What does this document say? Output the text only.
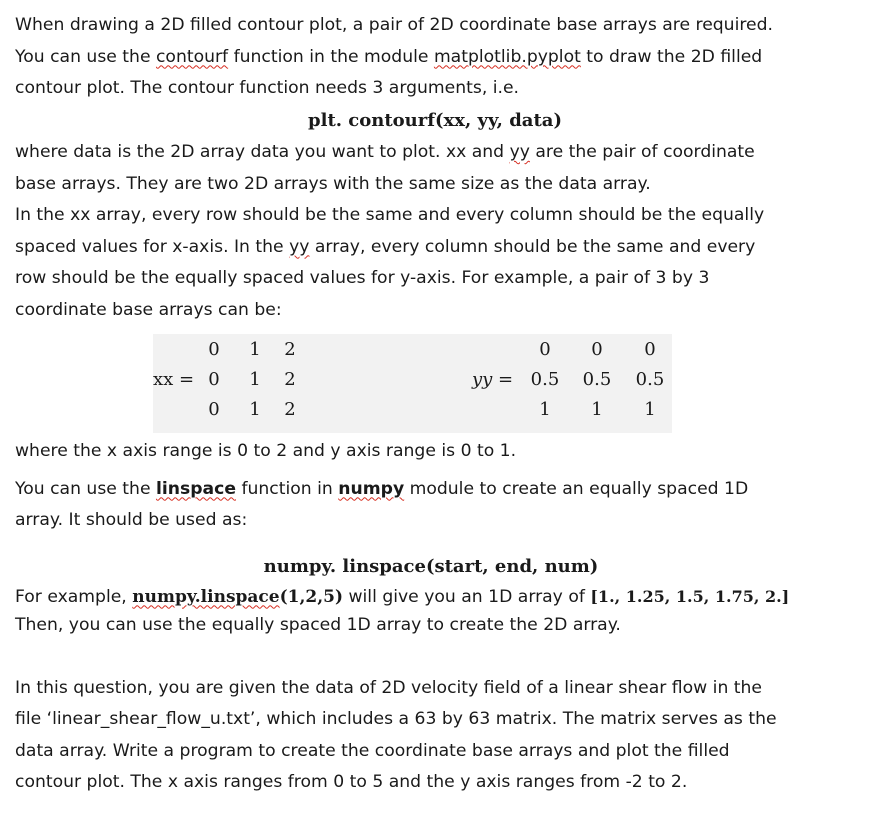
When drawing a 2D filled contour plot, a pair of 2D coordinate base arrays are required.

You can use the contourf function in the module matplotlib.pyplot to draw the 2D filled

contour plot. The contour function needs 3 arguments, i.e.

plt. contourf(xx, yy, data)

where data is the 2D array data you want to plot. xx and yy are the pair of coordinate

base arrays. They are two 2D arrays with the same size as the data array.

In the xx array, every row should be the same and every column should be the equally

spaced values for x-axis. In the yy array, every column should be the same and every

row should be the equally spaced values for y-axis. For example, a pair of 3 by 3

coordinate base arrays can be:

xx =	yy =
0	1	2	0	0	0
0	1	2	0.5	0.5	0.5
0	1	2	1	1	1

where the x axis range is 0 to 2 and y axis range is 0 to 1.

You can use the linspace function in numpy module to create an equally spaced 1D

array. It should be used as:

numpy. linspace(start, end, num)

For example, numpy.linspace(1,2,5) will give you an 1D array of [1., 1.25, 1.5, 1.75, 2.]

Then, you can use the equally spaced 1D array to create the 2D array.

In this question, you are given the data of 2D velocity field of a linear shear flow in the

file ‘linear_shear_flow_u.txt’, which includes a 63 by 63 matrix. The matrix serves as the

data array. Write a program to create the coordinate base arrays and plot the filled

contour plot. The x axis ranges from 0 to 5 and the y axis ranges from -2 to 2.
